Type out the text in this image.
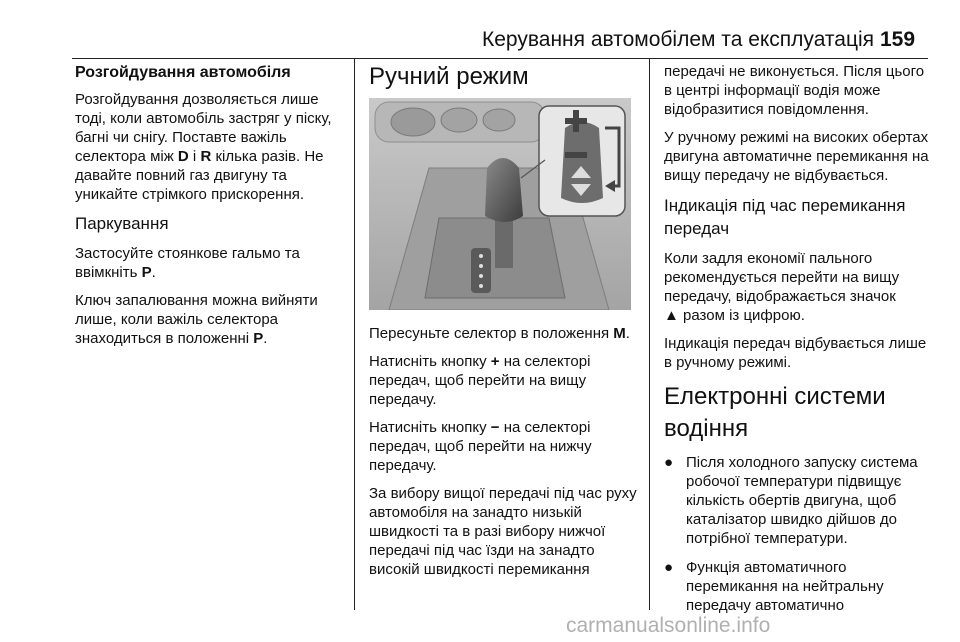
Керування автомобілем та експлуатація 159
Розгойдування автомобіля

Розгойдування дозволяється лише тоді, коли автомобіль застряг у піску, багні чи снігу. Поставте важіль селектора між D і R кілька разів. Не давайте повний газ двигуну та уникайте стрімкого прискорення.

Паркування

Застосуйте стоянкове гальмо та ввімкніть P.

Ключ запалювання можна вийняти лише, коли важіль селектора знаходиться в положенні P.

Ручний режим

Пересуньте селектор в положення M.

Натисніть кнопку + на селекторі передач, щоб перейти на вищу передачу.

Натисніть кнопку − на селекторі передач, щоб перейти на нижчу передачу.

За вибору вищої передачі під час руху автомобіля на занадто низькій швидкості та в разі вибору нижчої передачі під час їзди на занадто високій швидкості перемикання

передачі не виконується. Після цього в центрі інформації водія може відобразитися повідомлення.

У ручному режимі на високих обертах двигуна автоматичне перемикання на вищу передачу не відбувається.

Індикація під час перемикання передач

Коли задля економії пального рекомендується перейти на вищу передачу, відображається значок
▲ разом із цифрою.

Індикація передач відбувається лише в ручному режимі.

Електронні системи водіння
● Після холодного запуску система робочої температури підвищує кількість обертів двигуна, щоб каталізатор швидко дійшов до потрібної температури.
● Функція автоматичного перемикання на нейтральну передачу автоматично
carmanualsonline.info
